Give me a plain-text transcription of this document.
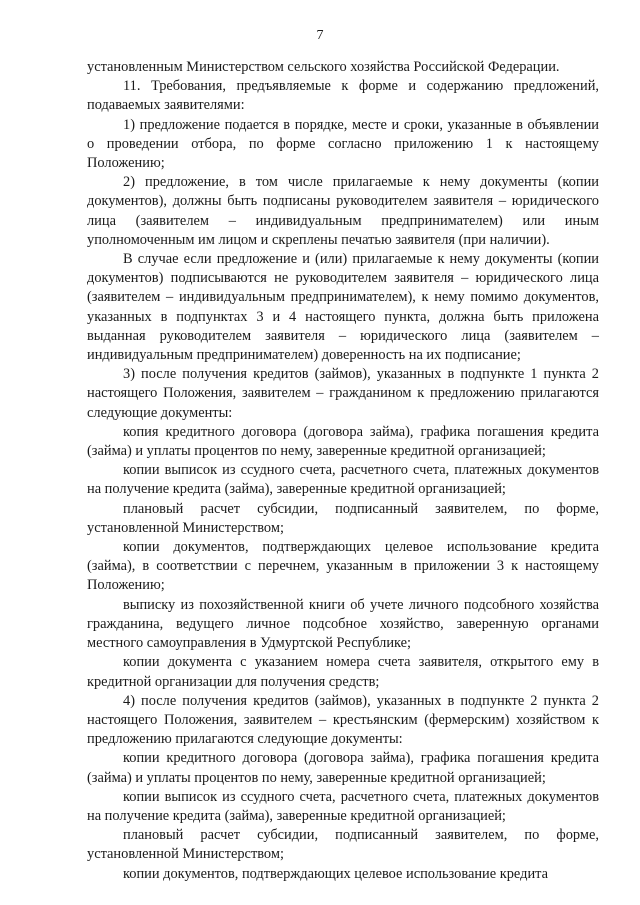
7

установленным Министерством сельского хозяйства Российской Федерации.

11. Требования, предъявляемые к форме и содержанию предложений, подаваемых заявителями:

1) предложение подается в порядке, месте и сроки, указанные в объявлении о проведении отбора, по форме согласно приложению 1 к настоящему Положению;

2) предложение, в том числе прилагаемые к нему документы (копии документов), должны быть подписаны руководителем заявителя – юридического лица (заявителем – индивидуальным предпринимателем) или иным уполномоченным им лицом и скреплены печатью заявителя (при наличии).

В случае если предложение и (или) прилагаемые к нему документы (копии документов) подписываются не руководителем заявителя – юридического лица (заявителем – индивидуальным предпринимателем), к нему помимо документов, указанных в подпунктах 3 и 4 настоящего пункта, должна быть приложена выданная руководителем заявителя – юридического лица (заявителем – индивидуальным предпринимателем) доверенность на их подписание;

3) после получения кредитов (займов), указанных в подпункте 1 пункта 2 настоящего Положения, заявителем – гражданином к предложению прилагаются следующие документы:

копия кредитного договора (договора займа), графика погашения кредита (займа) и уплаты процентов по нему, заверенные кредитной организацией;

копии выписок из ссудного счета, расчетного счета, платежных документов на получение кредита (займа), заверенные кредитной организацией;

плановый расчет субсидии, подписанный заявителем, по форме, установленной Министерством;

копии документов, подтверждающих целевое использование кредита (займа), в соответствии с перечнем, указанным в приложении 3 к настоящему Положению;

выписку из похозяйственной книги об учете личного подсобного хозяйства гражданина, ведущего личное подсобное хозяйство, заверенную органами местного самоуправления в Удмуртской Республике;

копии документа с указанием номера счета заявителя, открытого ему в кредитной организации для получения средств;

4) после получения кредитов (займов), указанных в подпункте 2 пункта 2 настоящего Положения, заявителем – крестьянским (фермерским) хозяйством к предложению прилагаются следующие документы:

копии кредитного договора (договора займа), графика погашения кредита (займа) и уплаты процентов по нему, заверенные кредитной организацией;

копии выписок из ссудного счета, расчетного счета, платежных документов на получение кредита (займа), заверенные кредитной организацией;

плановый расчет субсидии, подписанный заявителем, по форме, установленной Министерством;

копии документов, подтверждающих целевое использование кредита
